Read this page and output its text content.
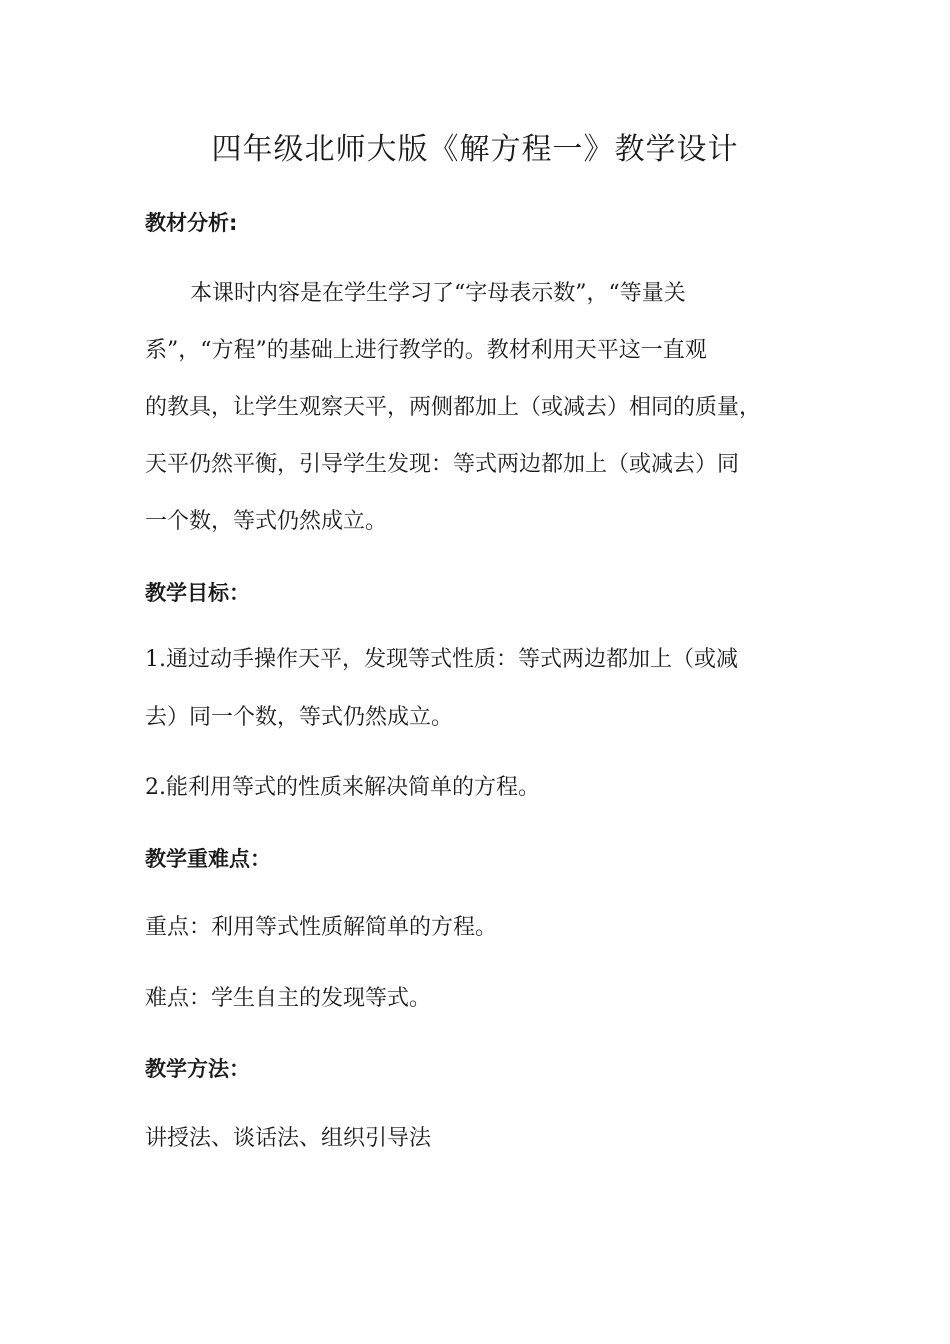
四年级北师大版《解方程一》教学设计
教材分析:
本课时内容是在学生学习了“字母表示数”，“等量关
系”，“方程”的基础上进行教学的。教材利用天平这一直观
的教具，让学生观察天平，两侧都加上（或减去）相同的质量，
天平仍然平衡，引导学生发现：等式两边都加上（或减去）同
一个数，等式仍然成立。
教学目标：
1.通过动手操作天平，发现等式性质：等式两边都加上（或减
去）同一个数，等式仍然成立。
2.能利用等式的性质来解决简单的方程。
教学重难点：
重点：利用等式性质解简单的方程。
难点：学生自主的发现等式。
教学方法：
讲授法、谈话法、组织引导法
